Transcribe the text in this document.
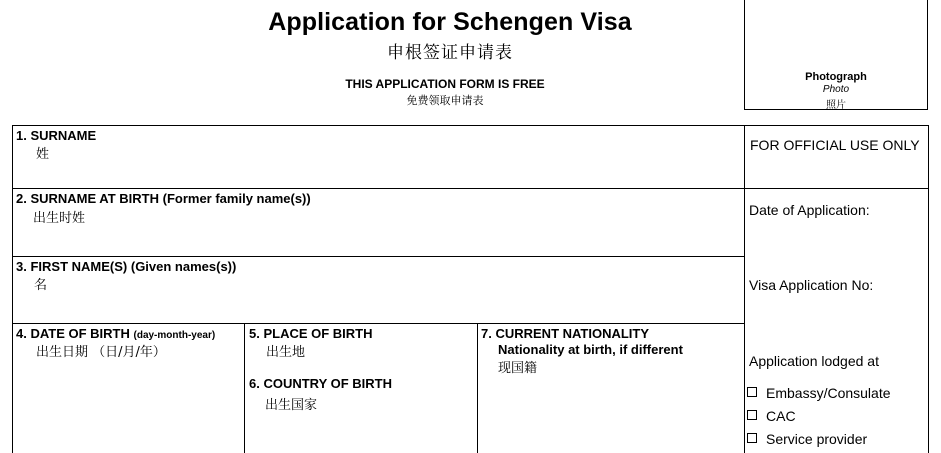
Application for Schengen Visa
申根签证申请表
THIS APPLICATION FORM IS FREE
免费领取申请表
Photograph
Photo
照片
1. SURNAME
姓
2. SURNAME AT BIRTH (Former family name(s))
出生时姓
3. FIRST NAME(S) (Given names(s))
名
4. DATE OF BIRTH (day-month-year)
出生日期 （日/月/年）
5. PLACE OF BIRTH
出生地
6. COUNTRY OF BIRTH
出生国家
7. CURRENT NATIONALITY
Nationality at birth, if different
现国籍
FOR OFFICIAL USE ONLY
Date of Application:
Visa Application No:
Application lodged at
Embassy/Consulate
CAC
Service provider
